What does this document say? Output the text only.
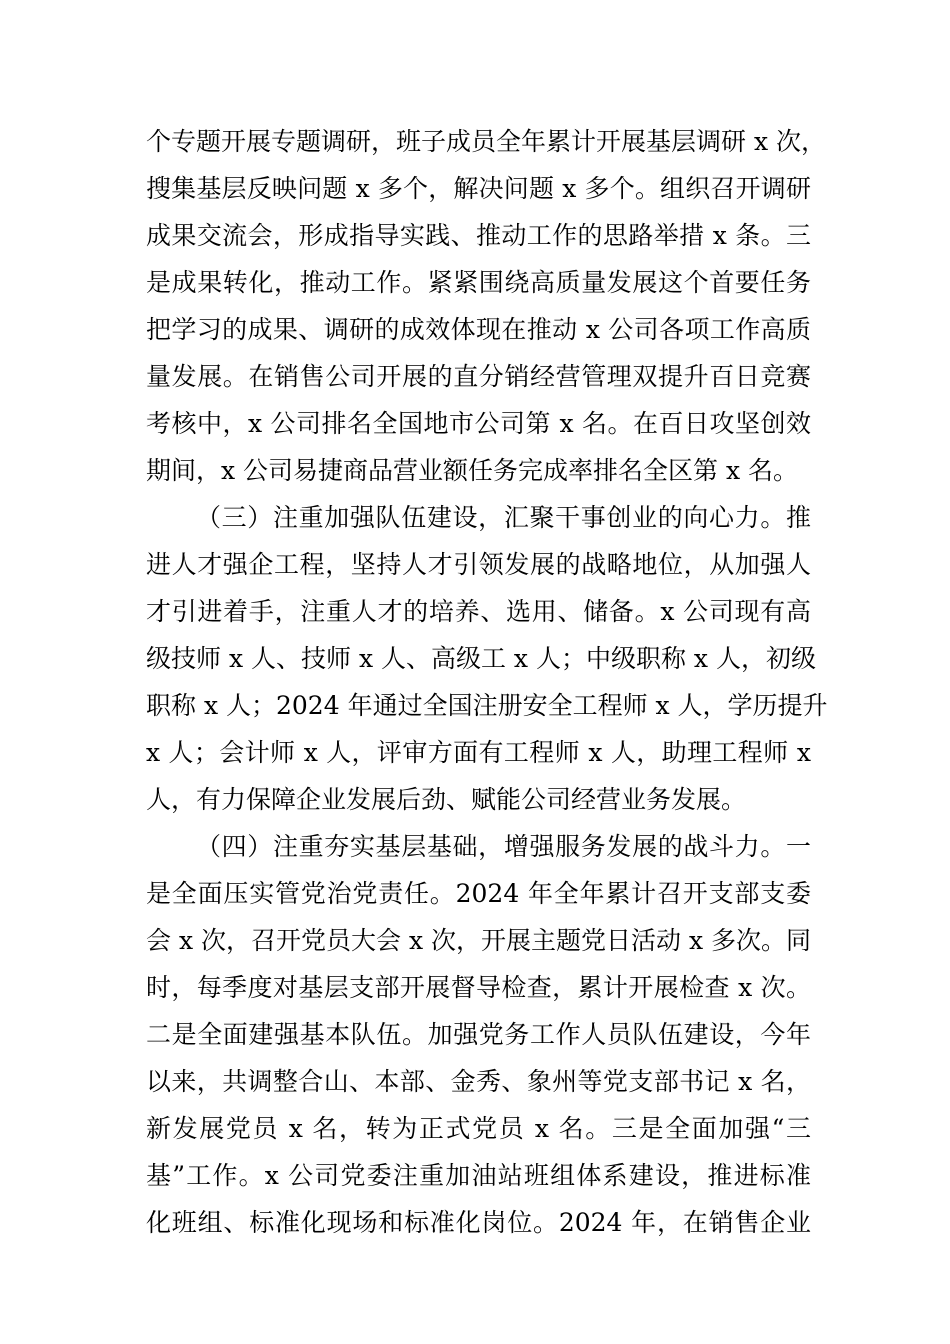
个专题开展专题调研，班子成员全年累计开展基层调研 x 次，
搜集基层反映问题 x 多个，解决问题 x 多个。组织召开调研
成果交流会，形成指导实践、推动工作的思路举措 x 条。三
是成果转化，推动工作。紧紧围绕高质量发展这个首要任务
把学习的成果、调研的成效体现在推动 x 公司各项工作高质
量发展。在销售公司开展的直分销经营管理双提升百日竞赛
考核中，x 公司排名全国地市公司第 x 名。在百日攻坚创效
期间，x 公司易捷商品营业额任务完成率排名全区第 x 名。
（三）注重加强队伍建设，汇聚干事创业的向心力。推
进人才强企工程，坚持人才引领发展的战略地位，从加强人
才引进着手，注重人才的培养、选用、储备。x 公司现有高
级技师 x 人、技师 x 人、高级工 x 人；中级职称 x 人，初级
职称 x 人；2024 年通过全国注册安全工程师 x 人，学历提升
x 人；会计师 x 人，评审方面有工程师 x 人，助理工程师 x
人，有力保障企业发展后劲、赋能公司经营业务发展。
（四）注重夯实基层基础，增强服务发展的战斗力。一
是全面压实管党治党责任。2024 年全年累计召开支部支委
会 x 次，召开党员大会 x 次，开展主题党日活动 x 多次。同
时，每季度对基层支部开展督导检查，累计开展检查 x 次。
二是全面建强基本队伍。加强党务工作人员队伍建设，今年
以来，共调整合山、本部、金秀、象州等党支部书记 x 名，
新发展党员 x 名，转为正式党员 x 名。三是全面加强“三
基”工作。x 公司党委注重加油站班组体系建设，推进标准
化班组、标准化现场和标准化岗位。2024 年，在销售企业
